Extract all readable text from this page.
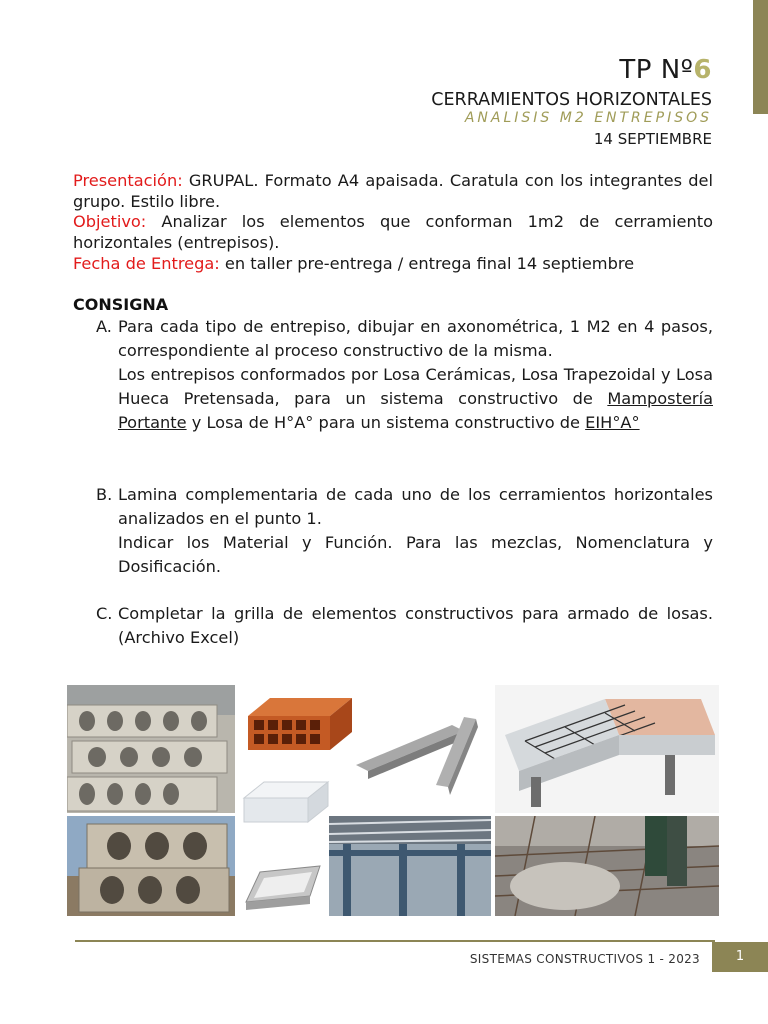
TP Nº6
CERRAMIENTOS HORIZONTALES
ANALISIS M2 ENTREPISOS
14 SEPTIEMBRE
Presentación: GRUPAL. Formato A4 apaisada. Caratula con los integrantes del grupo. Estilo libre.
Objetivo: Analizar los elementos que conforman 1m2 de cerramiento horizontales (entrepisos).
Fecha de Entrega: en taller pre-entrega / entrega final 14 septiembre
CONSIGNA
A. Para cada tipo de entrepiso, dibujar en axonométrica, 1 M2 en 4 pasos, correspondiente al proceso constructivo de la misma.

Los entrepisos conformados por Losa Cerámicas, Losa Trapezoidal y Losa Hueca Pretensada, para un sistema constructivo de Mampostería Portante y Losa de H°A° para un sistema constructivo de EIH°A°

B. Lamina complementaria de cada uno de los cerramientos horizontales analizados en el punto 1.

Indicar los Material y Función. Para las mezclas, Nomenclatura y Dosificación.

C. Completar la grilla de elementos constructivos para armado de losas. (Archivo Excel)

SISTEMAS CONSTRUCTIVOS 1 - 2023	1
